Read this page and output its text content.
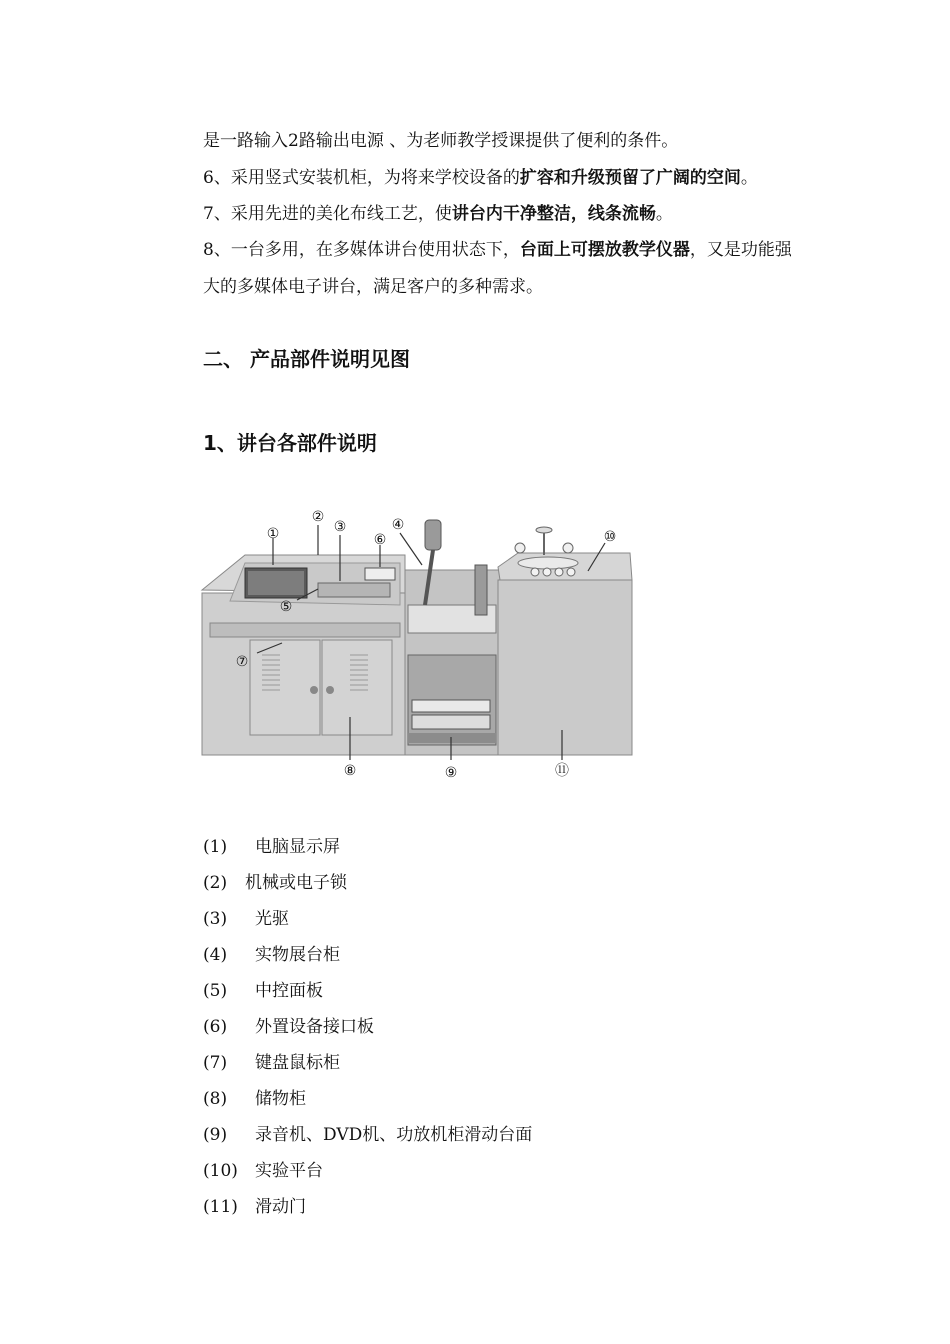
是一路输入2路输出电源 、为老师教学授课提供了便利的条件。
6、采用竖式安装机柜，为将来学校设备的扩容和升级预留了广阔的空间。
7、采用先进的美化布线工艺，使讲台内干净整洁，线条流畅。
8、一台多用，在多媒体讲台使用状态下，台面上可摆放教学仪器，又是功能强
大的多媒体电子讲台，满足客户的多种需求。
二、 产品部件说明见图
1、讲台各部件说明
①
②
③	④
⑤
⑥
⑦
⑧	⑨
⑩
⑪
(1) 电脑显示屏
(2) 机械或电子锁
(3) 光驱
(4) 实物展台柜
(5) 中控面板
(6) 外置设备接口板
(7) 键盘鼠标柜
(8) 储物柜
(9) 录音机、DVD机、功放机柜滑动台面
(10) 实验平台
(11) 滑动门
